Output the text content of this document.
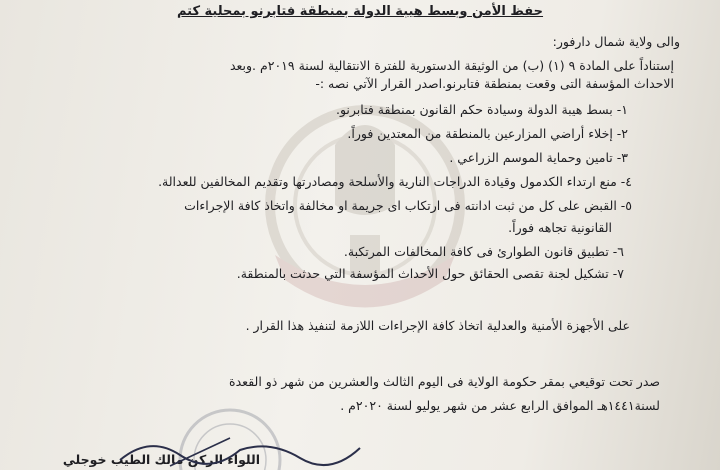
حفظ الأمن وبسط هيبة الدولة بمنطقة فتابرنو بمحلية كتم
والى ولاية شمال دارفور:
إستناداً على المادة ٩ (١) (ب) من الوثيقة الدستورية للفترة الانتقالية لسنة ٢٠١٩م .وبعد
الاحداث المؤسفة التى وقعت بمنطقة فتابرنو.اصدر القرار الآتي نصه :-
١- بسط هيبة الدولة وسيادة حكم القانون بمنطقة فتابرنو.
٢- إخلاء أراضي المزارعين بالمنطقة من المعتدين فوراً.
٣- تامين وحماية الموسم الزراعي .
٤- منع ارتداء الكدمول وقيادة الدراجات النارية والأسلحة ومصادرتها وتقديم المخالفين للعدالة.
٥- القبض على كل من ثبت ادانته فى ارتكاب اى جريمة او مخالفة واتخاذ كافة الإجراءات
القانونية تجاهه فوراً.
٦- تطبيق قانون الطوارئ فى كافة المخالفات المرتكبة.
٧- تشكيل لجنة تقصى الحقائق حول الأحداث المؤسفة التي حدثت بالمنطقة.
على الأجهزة الأمنية والعدلية اتخاذ كافة الإجراءات اللازمة لتنفيذ هذا القرار .
صدر تحت توقيعي بمقر حكومة الولاية فى اليوم الثالث والعشرين من شهر ذو القعدة
لسنة١٤٤١هـ الموافق الرابع عشر من شهر يوليو لسنة ٢٠٢٠م .
اللواء الركن مالك الطيب خوجلي
